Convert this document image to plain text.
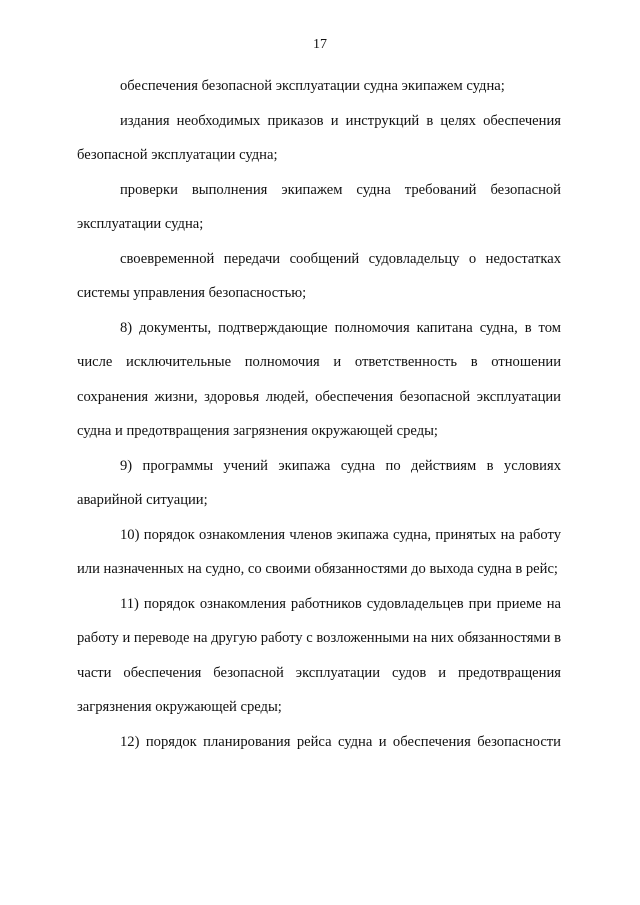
17

обеспечения безопасной эксплуатации судна экипажем судна;

издания необходимых приказов и инструкций в целях обеспечения безопасной эксплуатации судна;

проверки выполнения экипажем судна требований безопасной эксплуатации судна;

своевременной передачи сообщений судовладельцу о недостатках системы управления безопасностью;

8) документы, подтверждающие полномочия капитана судна, в том числе исключительные полномочия и ответственность в отношении сохранения жизни, здоровья людей, обеспечения безопасной эксплуатации судна и предотвращения загрязнения окружающей среды;

9) программы учений экипажа судна по действиям в условиях аварийной ситуации;

10) порядок ознакомления членов экипажа судна, принятых на работу или назначенных на судно, со своими обязанностями до выхода судна в рейс;

11) порядок ознакомления работников судовладельцев при приеме на работу и переводе на другую работу с возложенными на них обязанностями в части обеспечения безопасной эксплуатации судов и предотвращения загрязнения окружающей среды;

12) порядок планирования рейса судна и обеспечения безопасности
